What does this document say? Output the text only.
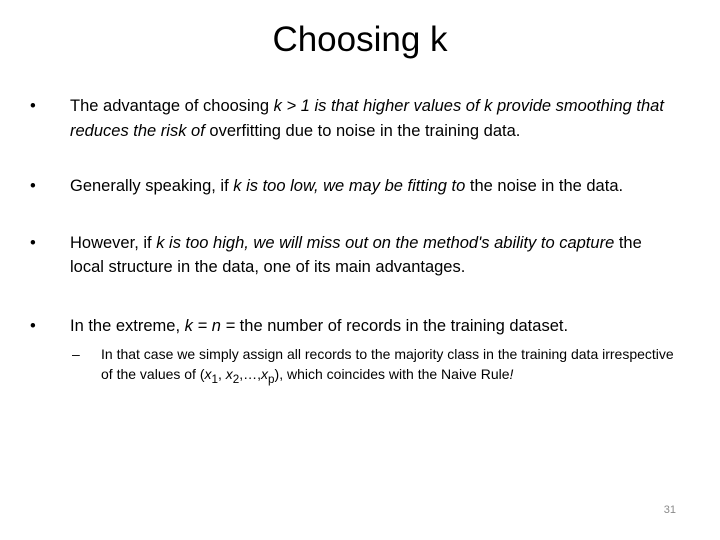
Choosing k
• The advantage of choosing k > 1 is that higher values of k provide smoothing that reduces the risk of overfitting due to noise in the training data.
• Generally speaking, if k is too low, we may be fitting to the noise in the data.
• However, if k is too high, we will miss out on the method's ability to capture the local structure in the data, one of its main advantages.
• In the extreme, k = n = the number of records in the training dataset.
– In that case we simply assign all records to the majority class in the training data irrespective of the values of ($x_1$, $x_2,\dots,x_p$), which coincides with the Naive Rule!
31
